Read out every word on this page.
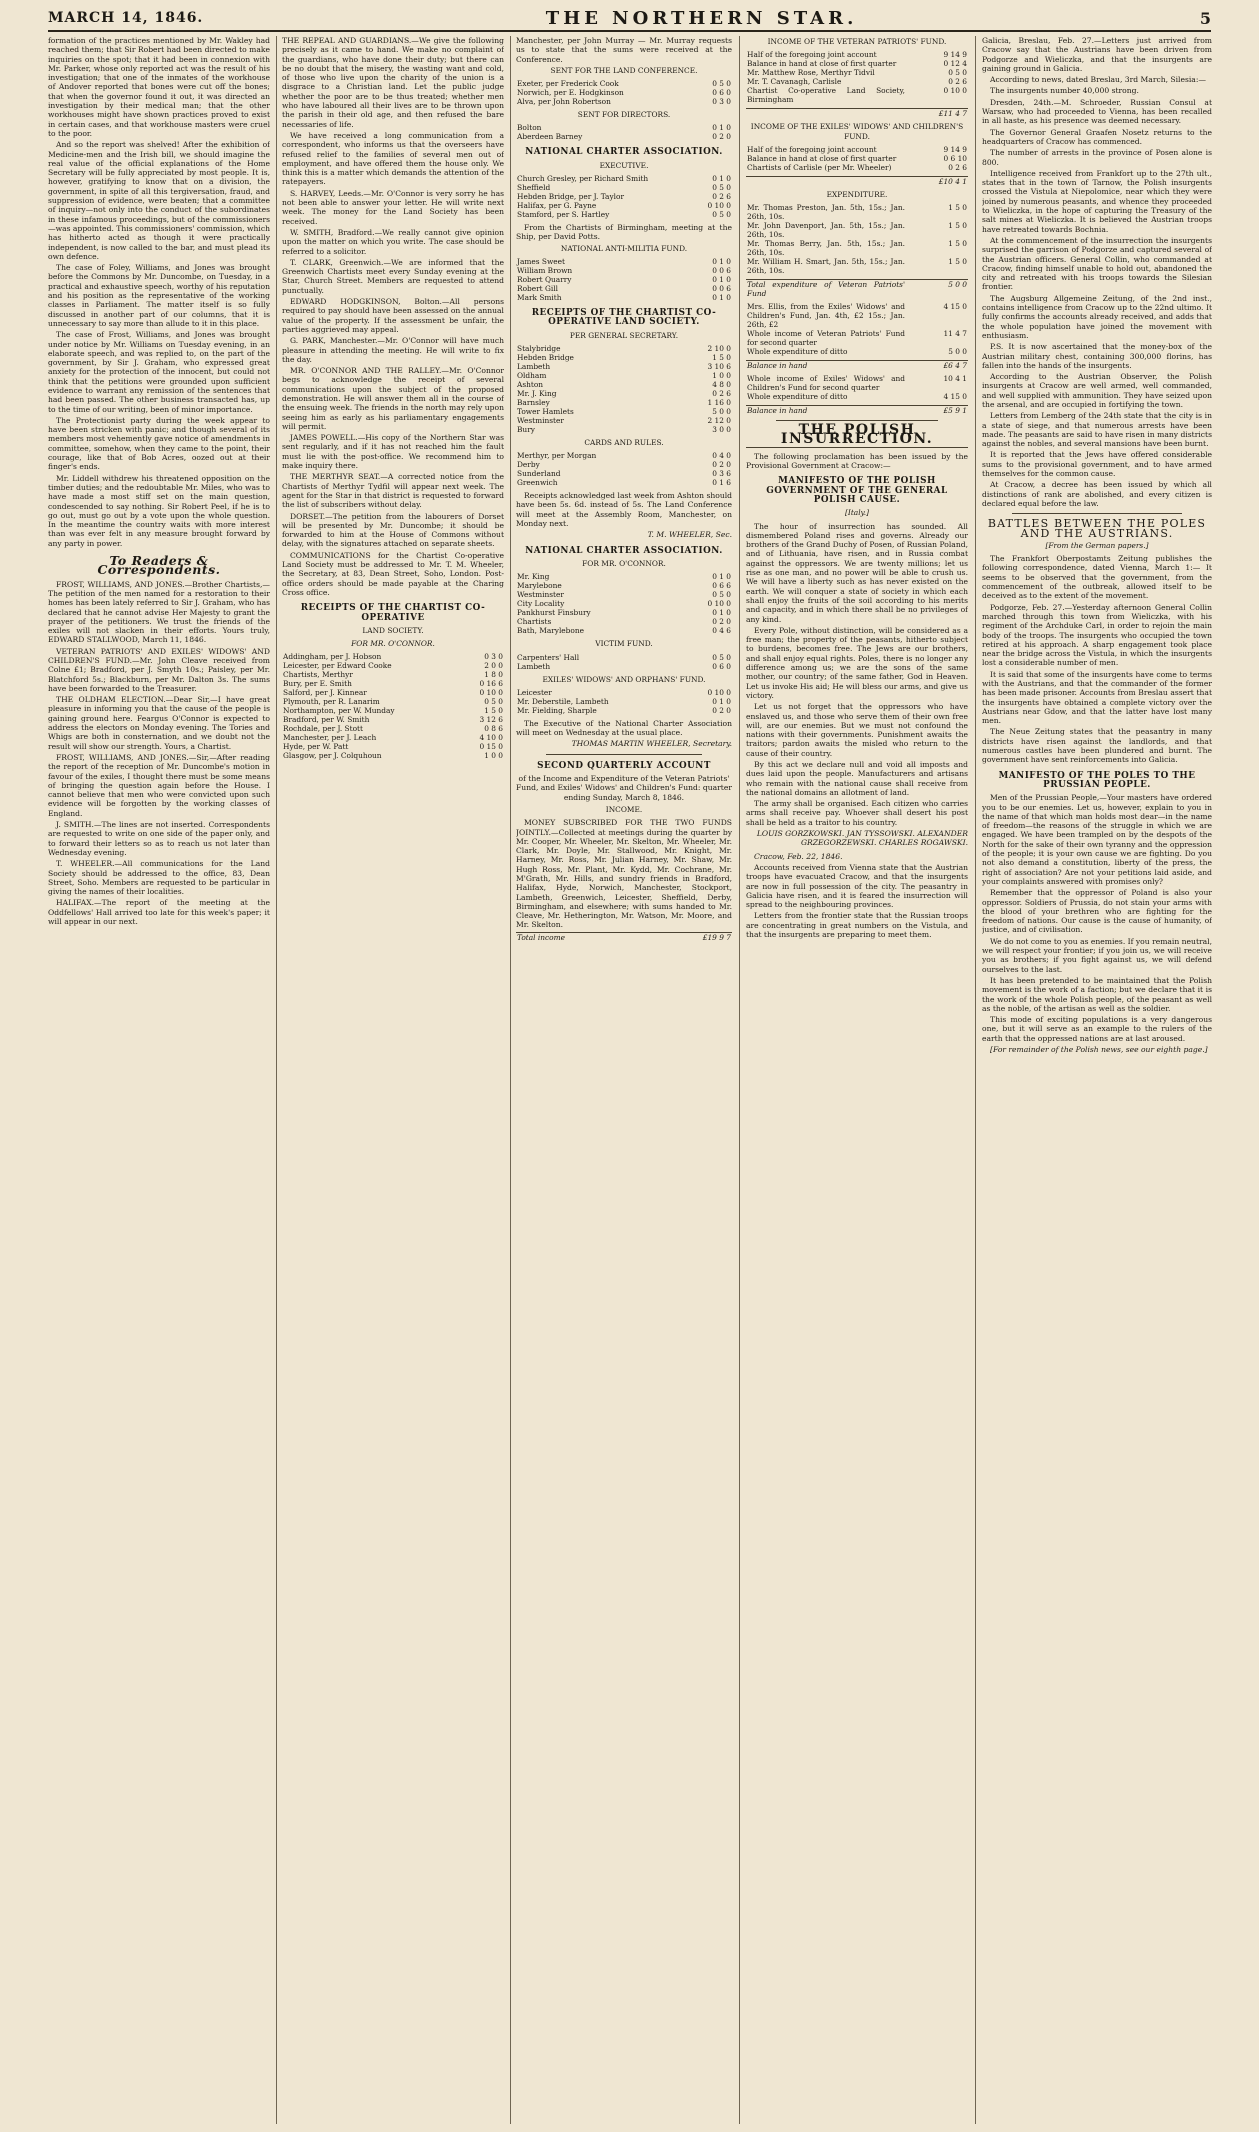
MARCH 14, 1846.	THE NORTHERN STAR.	5

formation of the practices mentioned by Mr. Wakley had reached them; that Sir Robert had been directed to make inquiries on the spot; that it had been in connexion with Mr. Parker, whose only reported act was the result of his investigation; that one of the inmates of the workhouse of Andover reported that bones were cut off the bones; that when the governor found it out, it was directed an investigation by their medical man; that the other workhouses might have shown practices proved to exist in certain cases, and that workhouse masters were cruel to the poor.

And so the report was shelved! After the exhibition of Medicine-men and the Irish bill, we should imagine the real value of the official explanations of the Home Secretary will be fully appreciated by most people. It is, however, gratifying to know that on a division, the government, in spite of all this tergiversation, fraud, and suppression of evidence, were beaten; that a committee of inquiry—not only into the conduct of the subordinates in these infamous proceedings, but of the commissioners—was appointed. This commissioners' commission, which has hitherto acted as though it were practically independent, is now called to the bar, and must plead its own defence.

The case of Foley, Williams, and Jones was brought before the Commons by Mr. Duncombe, on Tuesday, in a practical and exhaustive speech, worthy of his reputation and his position as the representative of the working classes in Parliament. The matter itself is so fully discussed in another part of our columns, that it is unnecessary to say more than allude to it in this place.

The case of Frost, Williams, and Jones was brought under notice by Mr. Williams on Tuesday evening, in an elaborate speech, and was replied to, on the part of the government, by Sir J. Graham, who expressed great anxiety for the protection of the innocent, but could not think that the petitions were grounded upon sufficient evidence to warrant any remission of the sentences that had been passed. The other business transacted has, up to the time of our writing, been of minor importance.

The Protectionist party during the week appear to have been stricken with panic; and though several of its members most vehemently gave notice of amendments in committee, somehow, when they came to the point, their courage, like that of Bob Acres, oozed out at their finger's ends.

Mr. Liddell withdrew his threatened opposition on the timber duties; and the redoubtable Mr. Miles, who was to have made a most stiff set on the main question, condescended to say nothing. Sir Robert Peel, if he is to go out, must go out by a vote upon the whole question. In the meantime the country waits with more interest than was ever felt in any measure brought forward by any party in power.

To Readers & Correspondents.

FROST, WILLIAMS, AND JONES.—Brother Chartists,—The petition of the men named for a restoration to their homes has been lately referred to Sir J. Graham, who has declared that he cannot advise Her Majesty to grant the prayer of the petitioners. We trust the friends of the exiles will not slacken in their efforts. Yours truly, EDWARD STALLWOOD, March 11, 1846.

VETERAN PATRIOTS' AND EXILES' WIDOWS' AND CHILDREN'S FUND.—Mr. John Cleave received from Colne £1; Bradford, per J. Smyth 10s.; Paisley, per Mr. Blatchford 5s.; Blackburn, per Mr. Dalton 3s. The sums have been forwarded to the Treasurer.

THE OLDHAM ELECTION.—Dear Sir,—I have great pleasure in informing you that the cause of the people is gaining ground here. Feargus O'Connor is expected to address the electors on Monday evening. The Tories and Whigs are both in consternation, and we doubt not the result will show our strength. Yours, a Chartist.

FROST, WILLIAMS, AND JONES.—Sir,—After reading the report of the reception of Mr. Duncombe's motion in favour of the exiles, I thought there must be some means of bringing the question again before the House. I cannot believe that men who were convicted upon such evidence will be forgotten by the working classes of England.

J. SMITH.—The lines are not inserted. Correspondents are requested to write on one side of the paper only, and to forward their letters so as to reach us not later than Wednesday evening.

T. WHEELER.—All communications for the Land Society should be addressed to the office, 83, Dean Street, Soho. Members are requested to be particular in giving the names of their localities.

HALIFAX.—The report of the meeting at the Oddfellows' Hall arrived too late for this week's paper; it will appear in our next.

THE REPEAL AND GUARDIANS.—We give the following precisely as it came to hand. We make no complaint of the guardians, who have done their duty; but there can be no doubt that the misery, the wasting want and cold, of those who live upon the charity of the union is a disgrace to a Christian land. Let the public judge whether the poor are to be thus treated; whether men who have laboured all their lives are to be thrown upon the parish in their old age, and then refused the bare necessaries of life.

We have received a long communication from a correspondent, who informs us that the overseers have refused relief to the families of several men out of employment, and have offered them the house only. We think this is a matter which demands the attention of the ratepayers.

S. HARVEY, Leeds.—Mr. O'Connor is very sorry he has not been able to answer your letter. He will write next week. The money for the Land Society has been received.

W. SMITH, Bradford.—We really cannot give opinion upon the matter on which you write. The case should be referred to a solicitor.

T. CLARK, Greenwich.—We are informed that the Greenwich Chartists meet every Sunday evening at the Star, Church Street. Members are requested to attend punctually.

EDWARD HODGKINSON, Bolton.—All persons required to pay should have been assessed on the annual value of the property. If the assessment be unfair, the parties aggrieved may appeal.

G. PARK, Manchester.—Mr. O'Connor will have much pleasure in attending the meeting. He will write to fix the day.

MR. O'CONNOR AND THE RALLEY.—Mr. O'Connor begs to acknowledge the receipt of several communications upon the subject of the proposed demonstration. He will answer them all in the course of the ensuing week. The friends in the north may rely upon seeing him as early as his parliamentary engagements will permit.

JAMES POWELL.—His copy of the Northern Star was sent regularly, and if it has not reached him the fault must lie with the post-office. We recommend him to make inquiry there.

THE MERTHYR SEAT.—A corrected notice from the Chartists of Merthyr Tydfil will appear next week. The agent for the Star in that district is requested to forward the list of subscribers without delay.

DORSET.—The petition from the labourers of Dorset will be presented by Mr. Duncombe; it should be forwarded to him at the House of Commons without delay, with the signatures attached on separate sheets.

COMMUNICATIONS for the Chartist Co-operative Land Society must be addressed to Mr. T. M. Wheeler, the Secretary, at 83, Dean Street, Soho, London. Post-office orders should be made payable at the Charing Cross office.

RECEIPTS OF THE CHARTIST CO-OPERATIVE
LAND SOCIETY.
FOR MR. O'CONNOR.
Addingham, per J. Hobson	0 3 0
Leicester, per Edward Cooke	2 0 0
Chartists, Merthyr	1 8 0
Bury, per E. Smith	0 16 6
Salford, per J. Kinnear	0 10 0
Plymouth, per R. Lanarim	0 5 0
Northampton, per W. Munday	1 5 0
Bradford, per W. Smith	3 12 6
Rochdale, per J. Stott	0 8 6
Manchester, per J. Leach	4 10 0
Hyde, per W. Patt	0 15 0
Glasgow, per J. Colquhoun	1 0 0

Manchester, per John Murray — Mr. Murray requests us to state that the sums were received at the Conference.

SENT FOR THE LAND CONFERENCE.
Exeter, per Frederick Cook	0 5 0
Norwich, per E. Hodgkinson	0 6 0
Alva, per John Robertson	0 3 0
SENT FOR DIRECTORS.
Bolton	0 1 0
Aberdeen Barney	0 2 0
NATIONAL CHARTER ASSOCIATION.
EXECUTIVE.
Church Gresley, per Richard Smith	0 1 0
Sheffield	0 5 0
Hebden Bridge, per J. Taylor	0 2 6
Halifax, per G. Payne	0 10 0
Stamford, per S. Hartley	0 5 0

From the Chartists of Birmingham, meeting at the Ship, per David Potts.

NATIONAL ANTI-MILITIA FUND.
James Sweet	0 1 0
William Brown	0 0 6
Robert Quarry	0 1 0
Robert Gill	0 0 6
Mark Smith	0 1 0
RECEIPTS OF THE CHARTIST CO-OPERATIVE LAND SOCIETY.
PER GENERAL SECRETARY.
Stalybridge	2 10 0
Hebden Bridge	1 5 0
Lambeth	3 10 6
Oldham	1 0 0
Ashton	4 8 0
Mr. J. King	0 2 6
Barnsley	1 16 0
Tower Hamlets	5 0 0
Westminster	2 12 0
Bury	3 0 0
CARDS AND RULES.
Merthyr, per Morgan	0 4 0
Derby	0 2 0
Sunderland	0 3 6
Greenwich	0 1 6

Receipts acknowledged last week from Ashton should have been 5s. 6d. instead of 5s. The Land Conference will meet at the Assembly Room, Manchester, on Monday next.

T. M. WHEELER, Sec.
NATIONAL CHARTER ASSOCIATION.
FOR MR. O'CONNOR.
Mr. King	0 1 0
Marylebone	0 6 6
Westminster	0 5 0
City Locality	0 10 0
Pankhurst Finsbury	0 1 0
Chartists	0 2 0
Bath, Marylebone	0 4 6
VICTIM FUND.
Carpenters' Hall	0 5 0
Lambeth	0 6 0
EXILES' WIDOWS' AND ORPHANS' FUND.
Leicester	0 10 0
Mr. Deberstile, Lambeth	0 1 0
Mr. Fielding, Sharple	0 2 0

The Executive of the National Charter Association will meet on Wednesday at the usual place.

THOMAS MARTIN WHEELER, Secretary.
SECOND QUARTERLY ACCOUNT

of the Income and Expenditure of the Veteran Patriots' Fund, and Exiles' Widows' and Children's Fund: quarter ending Sunday, March 8, 1846.

INCOME.

MONEY SUBSCRIBED FOR THE TWO FUNDS JOINTLY.—Collected at meetings during the quarter by Mr. Cooper, Mr. Wheeler, Mr. Skelton, Mr. Wheeler, Mr. Clark, Mr. Doyle, Mr. Stallwood, Mr. Knight, Mr. Harney, Mr. Ross, Mr. Julian Harney, Mr. Shaw, Mr. Hugh Ross, Mr. Plant, Mr. Kydd, Mr. Cochrane, Mr. M'Grath, Mr. Hills, and sundry friends in Bradford, Halifax, Hyde, Norwich, Manchester, Stockport, Lambeth, Greenwich, Leicester, Sheffield, Derby, Birmingham, and elsewhere; with sums handed to Mr. Cleave, Mr. Hetherington, Mr. Watson, Mr. Moore, and Mr. Skelton.

Total income	£19 9 7
INCOME OF THE VETERAN PATRIOTS' FUND.
Half of the foregoing joint account	9 14 9
Balance in hand at close of first quarter	0 12 4
Mr. Matthew Rose, Merthyr Tidvil	0 5 0
Mr. T. Cavanagh, Carlisle	0 2 6
Chartist Co-operative Land Society, Birmingham	0 10 0
	£11 4 7
INCOME OF THE EXILES' WIDOWS' AND CHILDREN'S FUND.
Half of the foregoing joint account	9 14 9
Balance in hand at close of first quarter	0 6 10
Chartists of Carlisle (per Mr. Wheeler)	0 2 6
	£10 4 1
EXPENDITURE.
Mr. Thomas Preston, Jan. 5th, 15s.; Jan. 26th, 10s.	1 5 0
Mr. John Davenport, Jan. 5th, 15s.; Jan. 26th, 10s.	1 5 0
Mr. Thomas Berry, Jan. 5th, 15s.; Jan. 26th, 10s.	1 5 0
Mr. William H. Smart, Jan. 5th, 15s.; Jan. 26th, 10s.	1 5 0
Total expenditure of Veteran Patriots' Fund	5 0 0
Mrs. Ellis, from the Exiles' Widows' and Children's Fund, Jan. 4th, £2 15s.; Jan. 26th, £2	4 15 0
Whole income of Veteran Patriots' Fund for second quarter	11 4 7
Whole expenditure of ditto	5 0 0
Balance in hand	£6 4 7
Whole income of Exiles' Widows' and Children's Fund for second quarter	10 4 1
Whole expenditure of ditto	4 15 0
Balance in hand	£5 9 1
THE POLISH INSURRECTION.

The following proclamation has been issued by the Provisional Government at Cracow:—

MANIFESTO OF THE POLISH GOVERNMENT OF THE GENERAL POLISH CAUSE.
[Italy.]

The hour of insurrection has sounded. All dismembered Poland rises and governs. Already our brothers of the Grand Duchy of Posen, of Russian Poland, and of Lithuania, have risen, and in Russia combat against the oppressors. We are twenty millions; let us rise as one man, and no power will be able to crush us. We will have a liberty such as has never existed on the earth. We will conquer a state of society in which each shall enjoy the fruits of the soil according to his merits and capacity, and in which there shall be no privileges of any kind.

Every Pole, without distinction, will be considered as a free man; the property of the peasants, hitherto subject to burdens, becomes free. The Jews are our brothers, and shall enjoy equal rights. Poles, there is no longer any difference among us; we are the sons of the same mother, our country; of the same father, God in Heaven. Let us invoke His aid; He will bless our arms, and give us victory.

Let us not forget that the oppressors who have enslaved us, and those who serve them of their own free will, are our enemies. But we must not confound the nations with their governments. Punishment awaits the traitors; pardon awaits the misled who return to the cause of their country.

By this act we declare null and void all imposts and dues laid upon the people. Manufacturers and artisans who remain with the national cause shall receive from the national domains an allotment of land.

The army shall be organised. Each citizen who carries arms shall receive pay. Whoever shall desert his post shall be held as a traitor to his country.

LOUIS GORZKOWSKI. JAN TYSSOWSKI. ALEXANDER GRZEGORZEWSKI. CHARLES ROGAWSKI.

Cracow, Feb. 22, 1846.

Accounts received from Vienna state that the Austrian troops have evacuated Cracow, and that the insurgents are now in full possession of the city. The peasantry in Galicia have risen, and it is feared the insurrection will spread to the neighbouring provinces.

Letters from the frontier state that the Russian troops are concentrating in great numbers on the Vistula, and that the insurgents are preparing to meet them.

Galicia, Breslau, Feb. 27.—Letters just arrived from Cracow say that the Austrians have been driven from Podgorze and Wieliczka, and that the insurgents are gaining ground in Galicia.

According to news, dated Breslau, 3rd March, Silesia:—

The insurgents number 40,000 strong.

Dresden, 24th.—M. Schroeder, Russian Consul at Warsaw, who had proceeded to Vienna, has been recalled in all haste, as his presence was deemed necessary.

The Governor General Graafen Nosetz returns to the headquarters of Cracow has commenced.

The number of arrests in the province of Posen alone is 800.

Intelligence received from Frankfort up to the 27th ult., states that in the town of Tarnow, the Polish insurgents crossed the Vistula at Niepolomice, near which they were joined by numerous peasants, and whence they proceeded to Wieliczka, in the hope of capturing the Treasury of the salt mines at Wieliczka. It is believed the Austrian troops have retreated towards Bochnia.

At the commencement of the insurrection the insurgents surprised the garrison of Podgorze and captured several of the Austrian officers. General Collin, who commanded at Cracow, finding himself unable to hold out, abandoned the city and retreated with his troops towards the Silesian frontier.

The Augsburg Allgemeine Zeitung, of the 2nd inst., contains intelligence from Cracow up to the 22nd ultimo. It fully confirms the accounts already received, and adds that the whole population have joined the movement with enthusiasm.

P.S. It is now ascertained that the money-box of the Austrian military chest, containing 300,000 florins, has fallen into the hands of the insurgents.

According to the Austrian Observer, the Polish insurgents at Cracow are well armed, well commanded, and well supplied with ammunition. They have seized upon the arsenal, and are occupied in fortifying the town.

Letters from Lemberg of the 24th state that the city is in a state of siege, and that numerous arrests have been made. The peasants are said to have risen in many districts against the nobles, and several mansions have been burnt.

It is reported that the Jews have offered considerable sums to the provisional government, and to have armed themselves for the common cause.

At Cracow, a decree has been issued by which all distinctions of rank are abolished, and every citizen is declared equal before the law.

BATTLES BETWEEN THE POLES AND THE AUSTRIANS.
[From the German papers.]

The Frankfort Oberpostamts Zeitung publishes the following correspondence, dated Vienna, March 1:— It seems to be observed that the government, from the commencement of the outbreak, allowed itself to be deceived as to the extent of the movement.

Podgorze, Feb. 27.—Yesterday afternoon General Collin marched through this town from Wieliczka, with his regiment of the Archduke Carl, in order to rejoin the main body of the troops. The insurgents who occupied the town retired at his approach. A sharp engagement took place near the bridge across the Vistula, in which the insurgents lost a considerable number of men.

It is said that some of the insurgents have come to terms with the Austrians, and that the commander of the former has been made prisoner. Accounts from Breslau assert that the insurgents have obtained a complete victory over the Austrians near Gdow, and that the latter have lost many men.

The Neue Zeitung states that the peasantry in many districts have risen against the landlords, and that numerous castles have been plundered and burnt. The government have sent reinforcements into Galicia.

MANIFESTO OF THE POLES TO THE PRUSSIAN PEOPLE.

Men of the Prussian People,—Your masters have ordered you to be our enemies. Let us, however, explain to you in the name of that which man holds most dear—in the name of freedom—the reasons of the struggle in which we are engaged. We have been trampled on by the despots of the North for the sake of their own tyranny and the oppression of the people; it is your own cause we are fighting. Do you not also demand a constitution, liberty of the press, the right of association? Are not your petitions laid aside, and your complaints answered with promises only?

Remember that the oppressor of Poland is also your oppressor. Soldiers of Prussia, do not stain your arms with the blood of your brethren who are fighting for the freedom of nations. Our cause is the cause of humanity, of justice, and of civilisation.

We do not come to you as enemies. If you remain neutral, we will respect your frontier; if you join us, we will receive you as brothers; if you fight against us, we will defend ourselves to the last.

It has been pretended to be maintained that the Polish movement is the work of a faction; but we declare that it is the work of the whole Polish people, of the peasant as well as the noble, of the artisan as well as the soldier.

This mode of exciting populations is a very dangerous one, but it will serve as an example to the rulers of the earth that the oppressed nations are at last aroused.

[For remainder of the Polish news, see our eighth page.]
